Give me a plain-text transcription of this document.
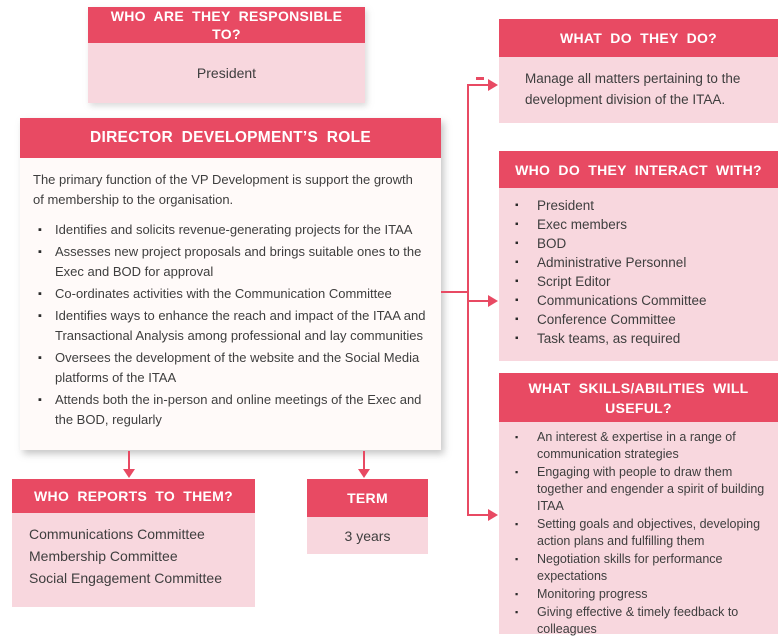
WHO ARE THEY RESPONSIBLE TO?
President
DIRECTOR DEVELOPMENT’S ROLE
The primary function of the VP Development is support the growth of membership to the organisation.
▪ Identifies and solicits revenue-generating projects for the ITAA
▪ Assesses new project proposals and brings suitable ones to the Exec and BOD for approval
▪ Co-ordinates activities with the Communication Committee
▪ Identifies ways to enhance the reach and impact of the ITAA and Transactional Analysis among professional and lay communities
▪ Oversees the development of the website and the Social Media platforms of the ITAA
▪ Attends both the in-person and online meetings of the Exec and the BOD, regularly
WHO REPORTS TO THEM?
Communications Committee
Membership Committee
Social Engagement Committee
TERM
3 years
WHAT DO THEY DO?
Manage all matters pertaining to the development division of the ITAA.
WHO DO THEY INTERACT WITH?
▪ President
▪ Exec members
▪ BOD
▪ Administrative Personnel
▪ Script Editor
▪ Communications Committee
▪ Conference Committee
▪ Task teams, as required
WHAT SKILLS/ABILITIES WILL USEFUL?
▪ An interest & expertise in a range of communication strategies
▪ Engaging with people to draw them together and engender a spirit of building ITAA
▪ Setting goals and objectives, developing action plans and fulfilling them
▪ Negotiation skills for performance expectations
▪ Monitoring progress
▪ Giving effective & timely feedback to colleagues
